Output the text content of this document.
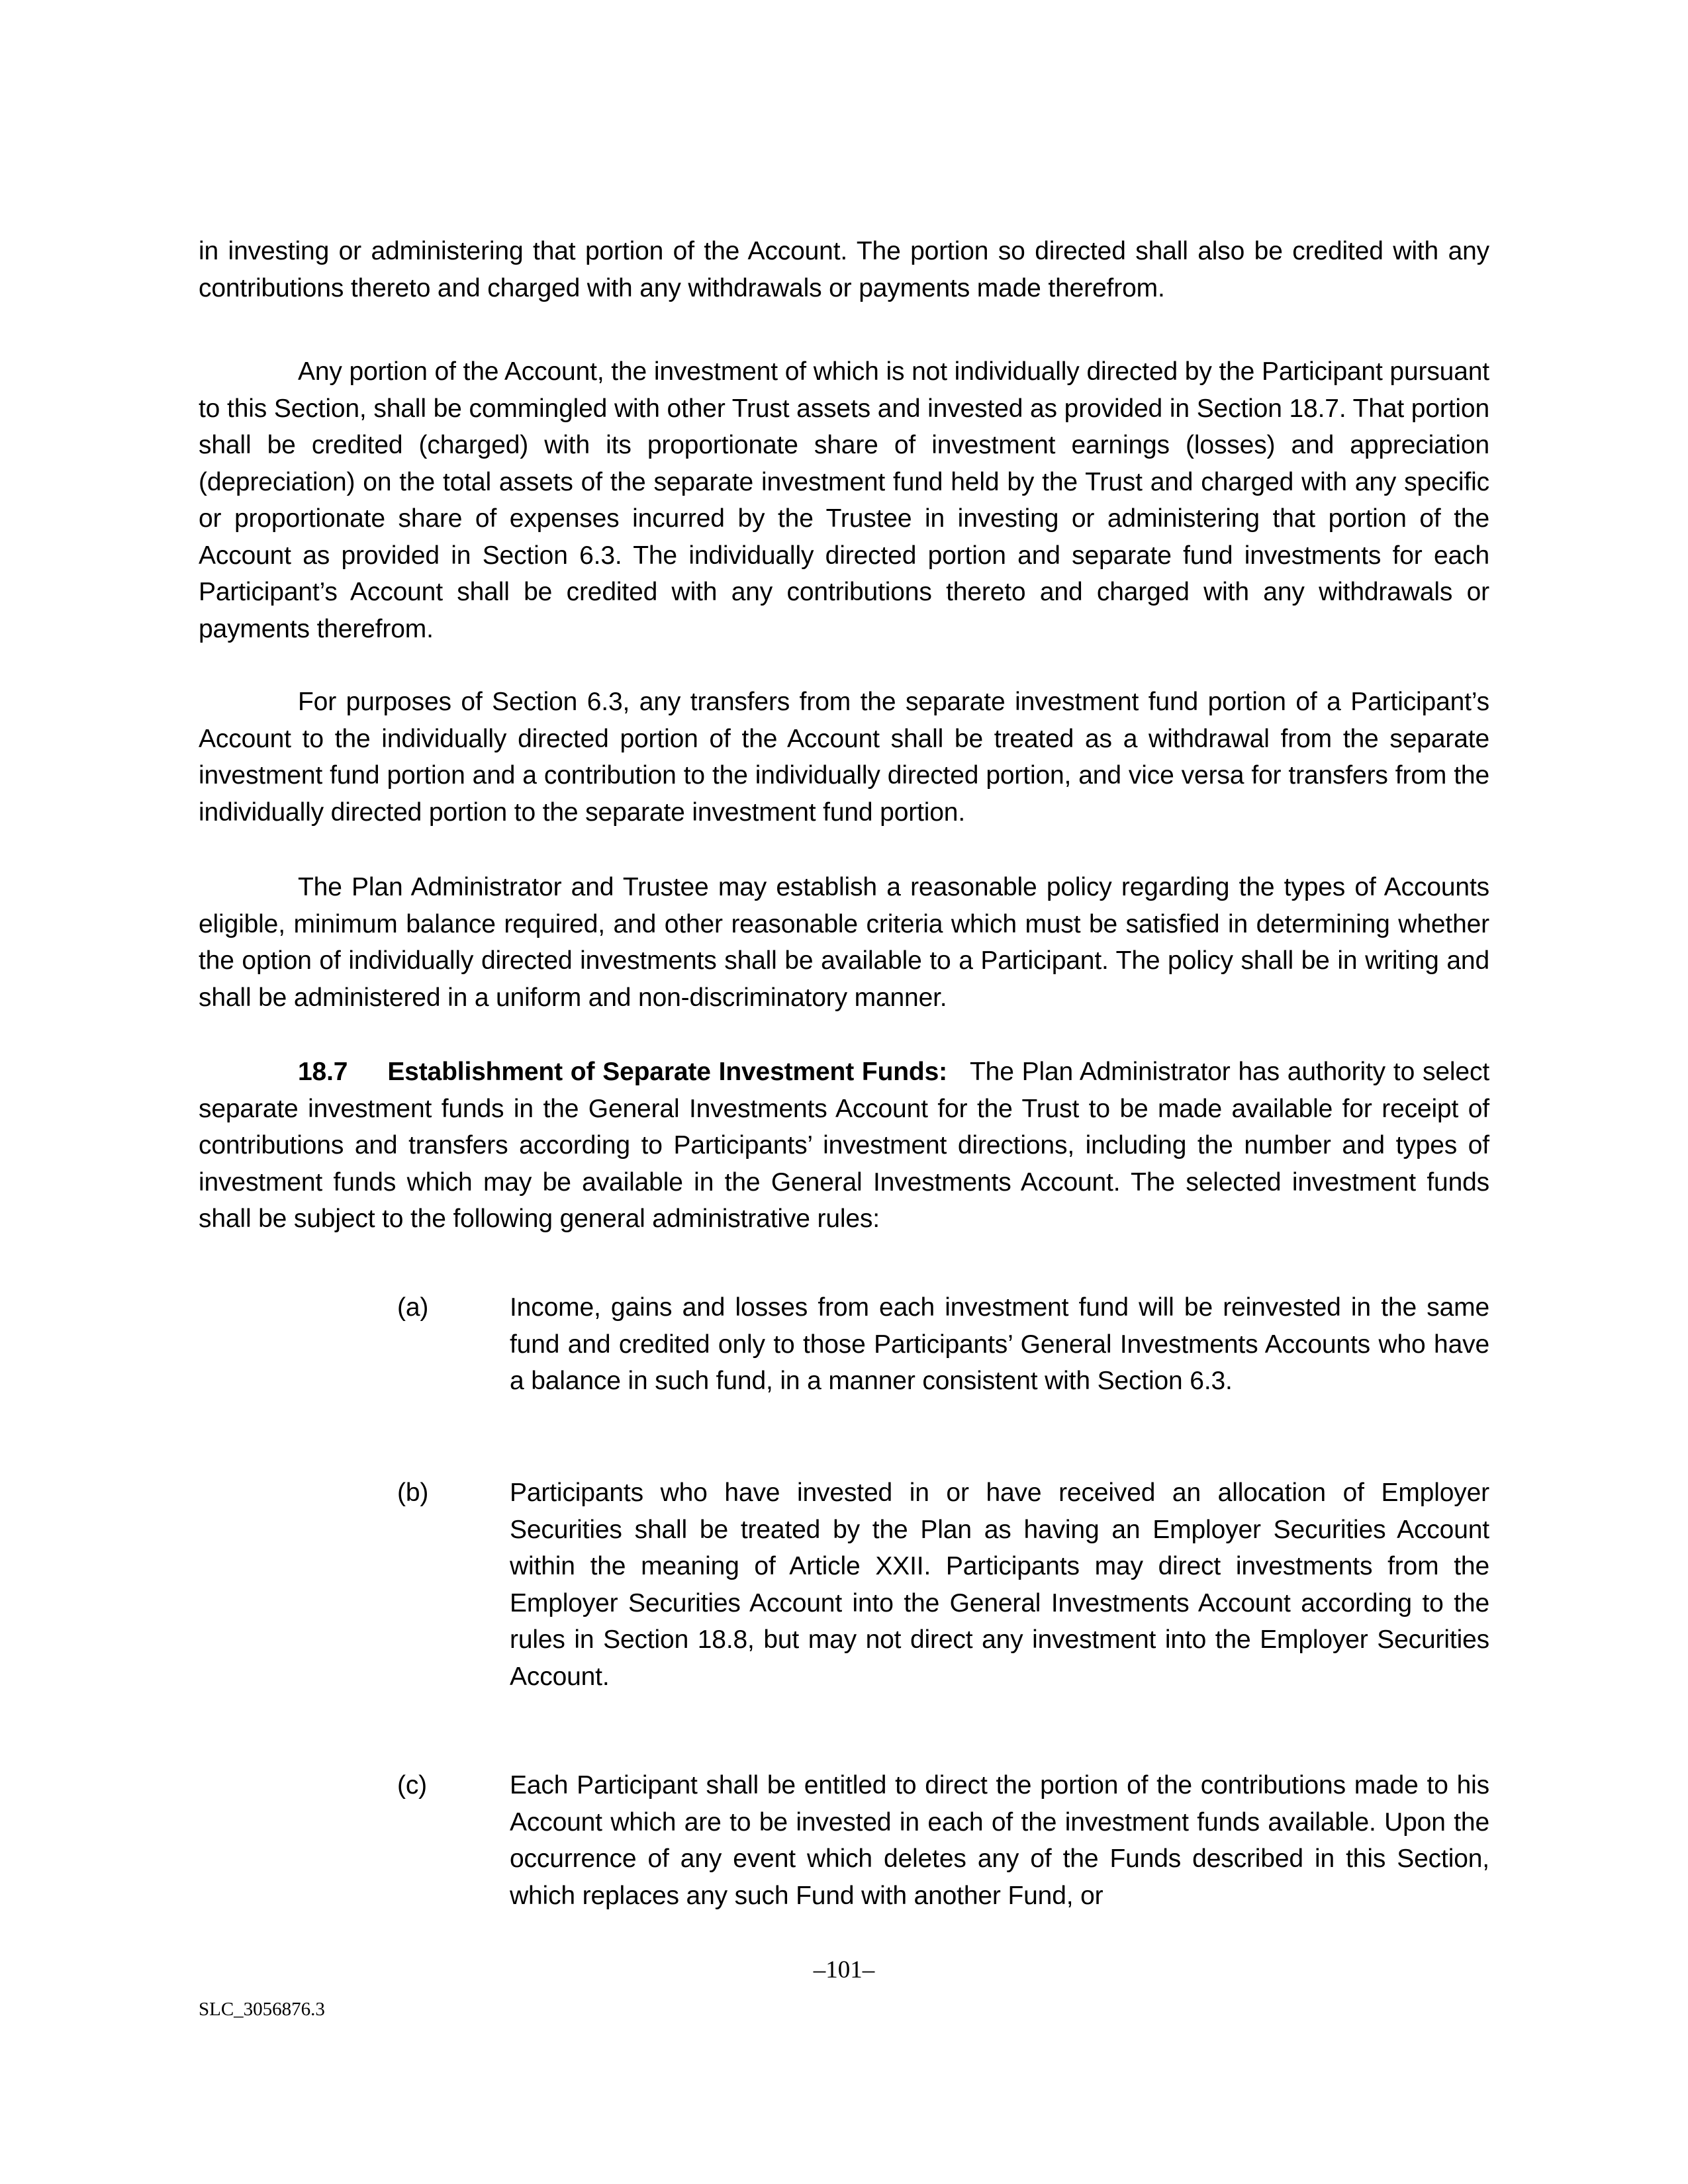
in investing or administering that portion of the Account. The portion so directed shall also be credited with any contributions thereto and charged with any withdrawals or payments made therefrom.

Any portion of the Account, the investment of which is not individually directed by the Participant pursuant to this Section, shall be commingled with other Trust assets and invested as provided in Section 18.7. That portion shall be credited (charged) with its proportionate share of investment earnings (losses) and appreciation (depreciation) on the total assets of the separate investment fund held by the Trust and charged with any specific or proportionate share of expenses incurred by the Trustee in investing or administering that portion of the Account as provided in Section 6.3. The individually directed portion and separate fund investments for each Participant’s Account shall be credited with any contributions thereto and charged with any withdrawals or payments therefrom.

For purposes of Section 6.3, any transfers from the separate investment fund portion of a Participant’s Account to the individually directed portion of the Account shall be treated as a withdrawal from the separate investment fund portion and a contribution to the individually directed portion, and vice versa for transfers from the individually directed portion to the separate investment fund portion.

The Plan Administrator and Trustee may establish a reasonable policy regarding the types of Accounts eligible, minimum balance required, and other reasonable criteria which must be satisfied in determining whether the option of individually directed investments shall be available to a Participant. The policy shall be in writing and shall be administered in a uniform and non-discriminatory manner.

18.7 Establishment of Separate Investment Funds: The Plan Administrator has authority to select separate investment funds in the General Investments Account for the Trust to be made available for receipt of contributions and transfers according to Participants’ investment directions, including the number and types of investment funds which may be available in the General Investments Account. The selected investment funds shall be subject to the following general administrative rules:

(a)	Income, gains and losses from each investment fund will be reinvested in the same fund and credited only to those Participants’ General Investments Accounts who have a balance in such fund, in a manner consistent with Section 6.3.
(b)	Participants who have invested in or have received an allocation of Employer Securities shall be treated by the Plan as having an Employer Securities Account within the meaning of Article XXII. Participants may direct investments from the Employer Securities Account into the General Investments Account according to the rules in Section 18.8, but may not direct any investment into the Employer Securities Account.
(c)	Each Participant shall be entitled to direct the portion of the contributions made to his Account which are to be invested in each of the investment funds available. Upon the occurrence of any event which deletes any of the Funds described in this Section, which replaces any such Fund with another Fund, or
–101–
SLC_3056876.3
